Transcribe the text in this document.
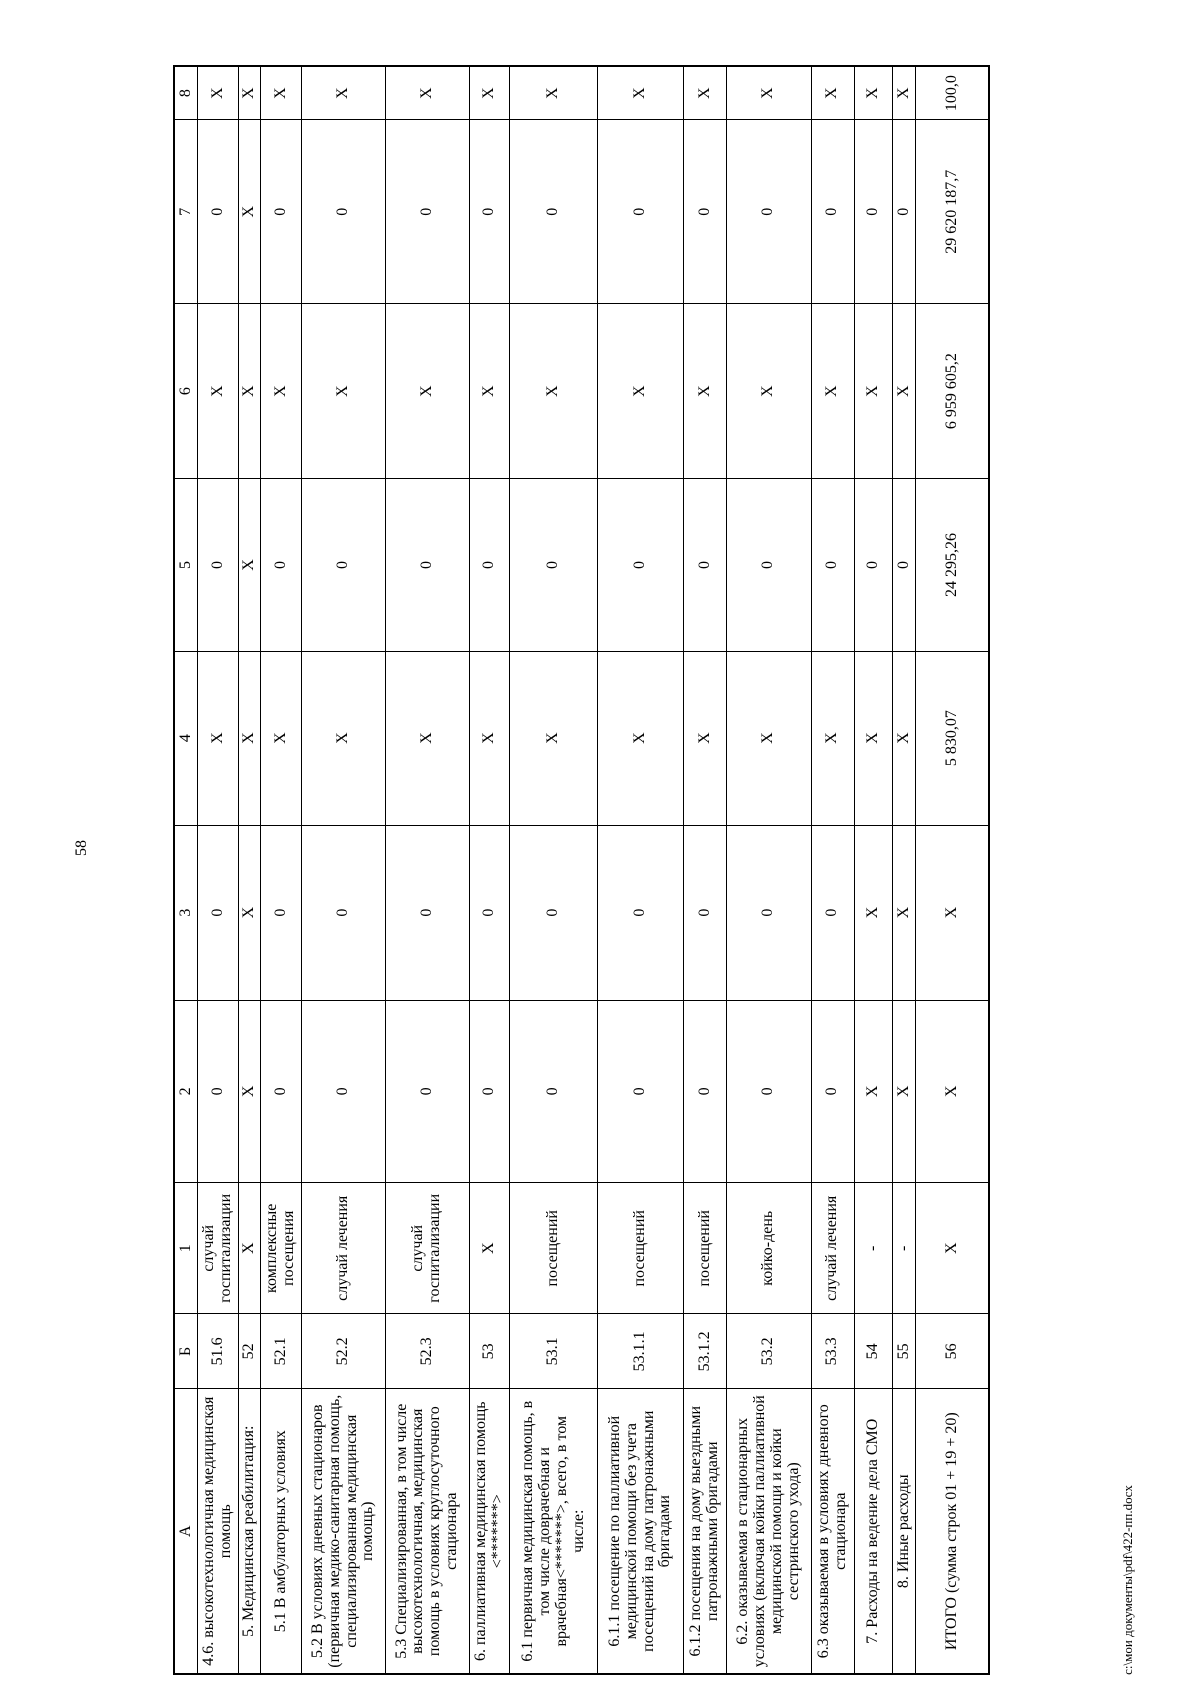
58
А	Б	1	2	3	4	5	6	7	8
4.6. высокотехнологичная медицинская помощь	51.6	случай госпитализации	0	0	X	0	X	0	X
5. Медицинская реабилитация:	52	X	X	X	X	X	X	X	X
5.1 В амбулаторных условиях	52.1	комплексные посещения	0	0	X	0	X	0	X
5.2 В условиях дневных стационаров (первичная медико-санитарная помощь, специализированная медицинская помощь)	52.2	случай лечения	0	0	X	0	X	0	X
5.3 Специализированная, в том числе высокотехнологичная, медицинская помощь в условиях круглосуточного стационара	52.3	случай госпитализации	0	0	X	0	X	0	X
6. паллиативная медицинская помощь <*******>	53	X	0	0	X	0	X	0	X
6.1 первичная медицинская помощь, в том числе доврачебная и врачебная<*******>, всего, в том числе:	53.1	посещений	0	0	X	0	X	0	X
6.1.1 посещение по паллиативной медицинской помощи без учета посещений на дому патронажными бригадами	53.1.1	посещений	0	0	X	0	X	0	X
6.1.2 посещения на дому выездными патронажными бригадами	53.1.2	посещений	0	0	X	0	X	0	X
6.2. оказываемая в стационарных условиях (включая койки паллиативной медицинской помощи и койки сестринского ухода)	53.2	койко-день	0	0	X	0	X	0	X
6.3 оказываемая в условиях дневного стационара	53.3	случай лечения	0	0	X	0	X	0	X
7. Расходы на ведение дела СМО	54	-	X	X	X	0	X	0	X
8. Иные расходы	55	-	X	X	X	0	X	0	X
ИТОГО (сумма строк 01 + 19 + 20)	56	X	X	X	5 830,07	24 295,26	6 959 605,2	29 620 187,7	100,0
c:\мои документы\pdf\422-пп.docx
